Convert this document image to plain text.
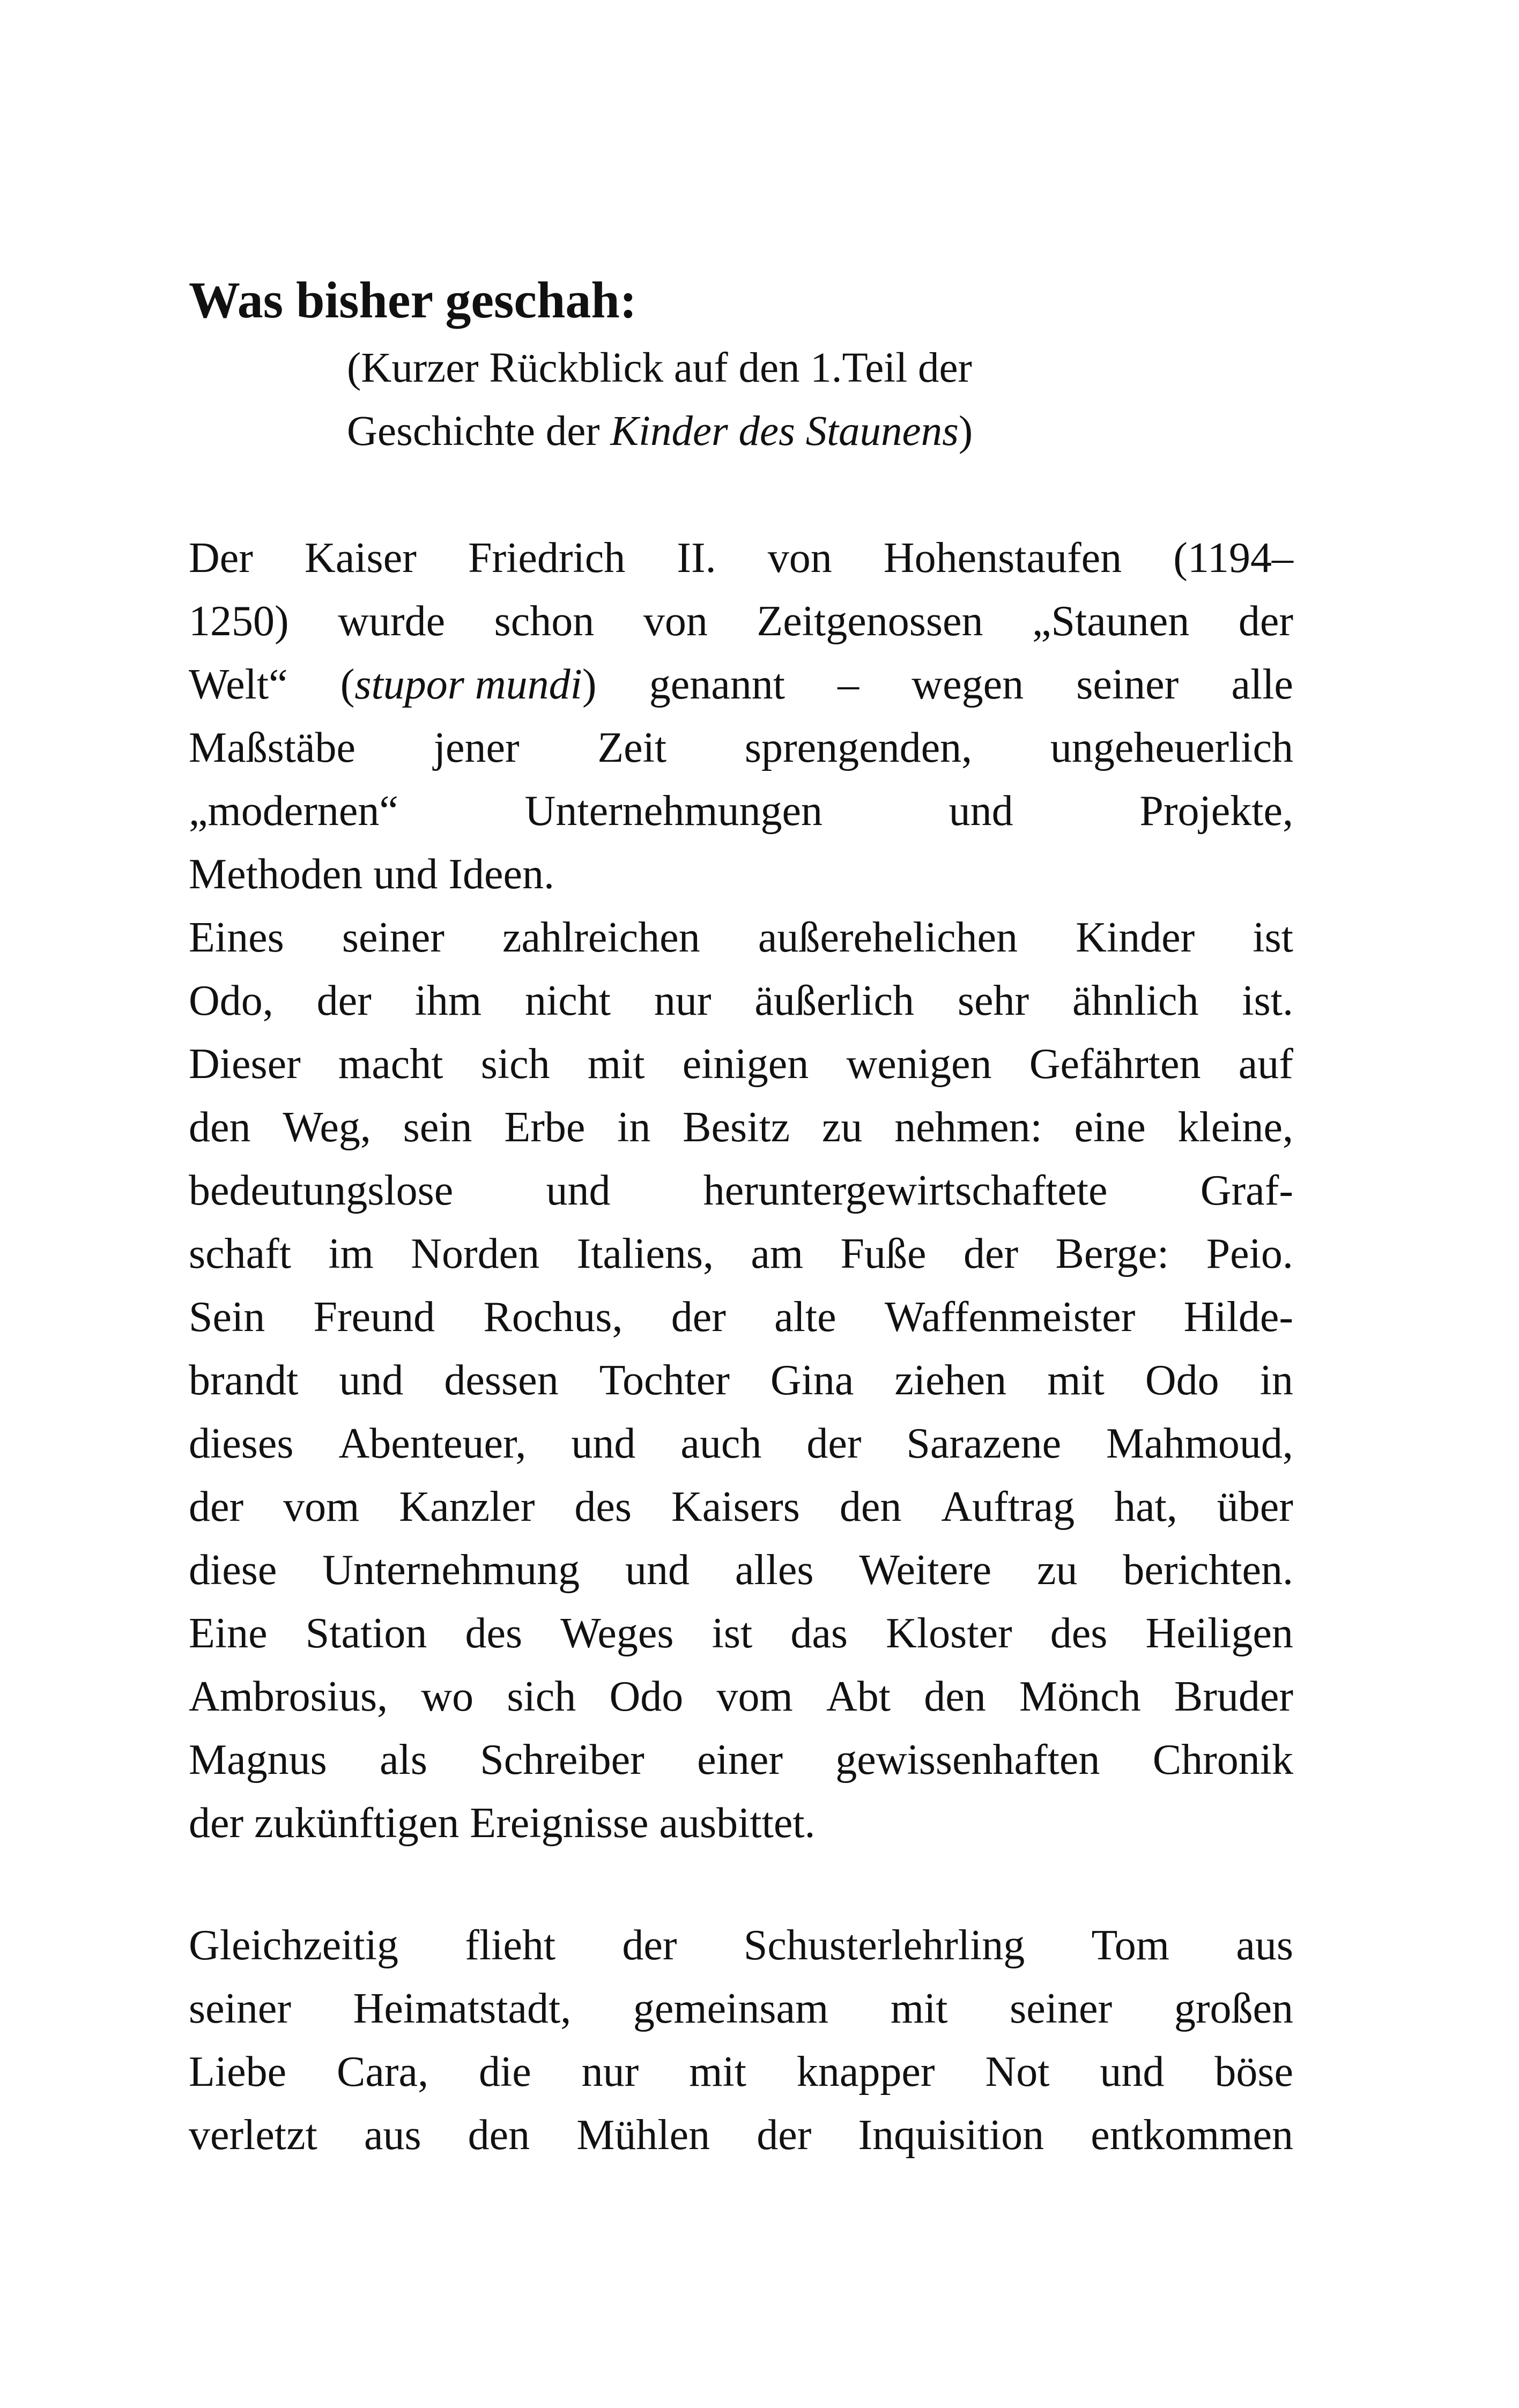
Was bisher geschah:
(Kurzer Rückblick auf den 1.Teil der
Geschichte der Kinder des Staunens)
Der Kaiser Friedrich II. von Hohenstaufen (1194–
1250) wurde schon von Zeitgenossen „Staunen der
Welt“ (stupor mundi) genannt – wegen seiner alle
Maßstäbe jener Zeit sprengenden, ungeheuerlich
„modernen“	Unternehmungen	und	Projekte,
Methoden und Ideen.
Eines seiner zahlreichen außerehelichen Kinder ist
Odo, der ihm nicht nur äußerlich sehr ähnlich ist.
Dieser macht sich mit einigen wenigen Gefährten auf
den Weg, sein Erbe in Besitz zu nehmen: eine kleine,
bedeutungslose und heruntergewirtschaftete Graf-
schaft im Norden Italiens, am Fuße der Berge: Peio.
Sein Freund Rochus, der alte Waffenmeister Hilde-
brandt und dessen Tochter Gina ziehen mit Odo in
dieses Abenteuer, und auch der Sarazene Mahmoud,
der vom Kanzler des Kaisers den Auftrag hat, über
diese Unternehmung und alles Weitere zu berichten.
Eine Station des Weges ist das Kloster des Heiligen
Ambrosius, wo sich Odo vom Abt den Mönch Bruder
Magnus als Schreiber einer gewissenhaften Chronik
der zukünftigen Ereignisse ausbittet.
Gleichzeitig flieht der Schusterlehrling Tom aus
seiner Heimatstadt, gemeinsam mit seiner großen
Liebe Cara, die nur mit knapper Not und böse
verletzt aus den Mühlen der Inquisition entkommen
